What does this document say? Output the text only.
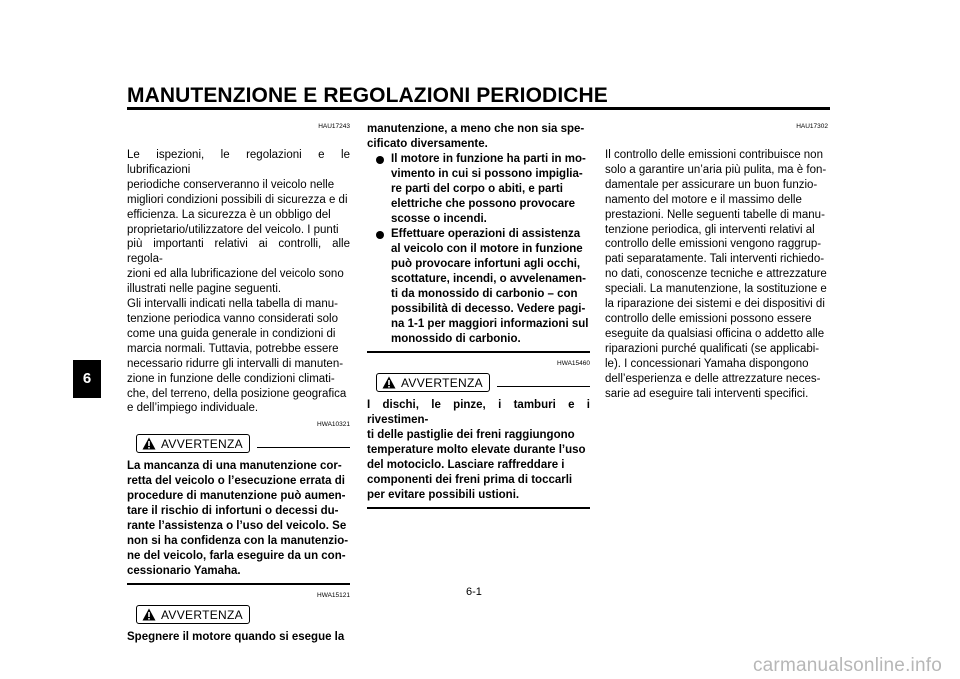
MANUTENZIONE E REGOLAZIONI PERIODICHE
6
HAU17243

Le ispezioni, le regolazioni e le lubrificazioni
periodiche conserveranno il veicolo nelle
migliori condizioni possibili di sicurezza e di
efficienza. La sicurezza è un obbligo del
proprietario/utilizzatore del veicolo. I punti
più importanti relativi ai controlli, alle regola-
zioni ed alla lubrificazione del veicolo sono
illustrati nelle pagine seguenti.

Gli intervalli indicati nella tabella di manu-
tenzione periodica vanno considerati solo
come una guida generale in condizioni di
marcia normali. Tuttavia, potrebbe essere
necessario ridurre gli intervalli di manuten-
zione in funzione delle condizioni climati-
che, del terreno, della posizione geografica
e dell’impiego individuale.

HWA10321
AVVERTENZA

La mancanza di una manutenzione cor-
retta del veicolo o l’esecuzione errata di
procedure di manutenzione può aumen-
tare il rischio di infortuni o decessi du-
rante l’assistenza o l’uso del veicolo. Se
non si ha confidenza con la manutenzio-
ne del veicolo, farla eseguire da un con-
cessionario Yamaha.

HWA15121
AVVERTENZA

Spegnere il motore quando si esegue la

manutenzione, a meno che non sia spe-
cificato diversamente.

Il motore in funzione ha parti in mo-
vimento in cui si possono impiglia-
re parti del corpo o abiti, e parti
elettriche che possono provocare
scosse o incendi.
Effettuare operazioni di assistenza
al veicolo con il motore in funzione
può provocare infortuni agli occhi,
scottature, incendi, o avvelenamen-
ti da monossido di carbonio – con
possibilità di decesso. Vedere pagi-
na 1-1 per maggiori informazioni sul
monossido di carbonio.
HWA15460
AVVERTENZA

I dischi, le pinze, i tamburi e i rivestimen-
ti delle pastiglie dei freni raggiungono
temperature molto elevate durante l’uso
del motociclo. Lasciare raffreddare i
componenti dei freni prima di toccarli
per evitare possibili ustioni.

HAU17302

Il controllo delle emissioni contribuisce non
solo a garantire un’aria più pulita, ma è fon-
damentale per assicurare un buon funzio-
namento del motore e il massimo delle
prestazioni. Nelle seguenti tabelle di manu-
tenzione periodica, gli interventi relativi al
controllo delle emissioni vengono raggrup-
pati separatamente. Tali interventi richiedo-
no dati, conoscenze tecniche e attrezzature
speciali. La manutenzione, la sostituzione e
la riparazione dei sistemi e dei dispositivi di
controllo delle emissioni possono essere
eseguite da qualsiasi officina o addetto alle
riparazioni purché qualificati (se applicabi-
le). I concessionari Yamaha dispongono
dell’esperienza e delle attrezzature neces-
sarie ad eseguire tali interventi specifici.

6-1
carmanualsonline.info
